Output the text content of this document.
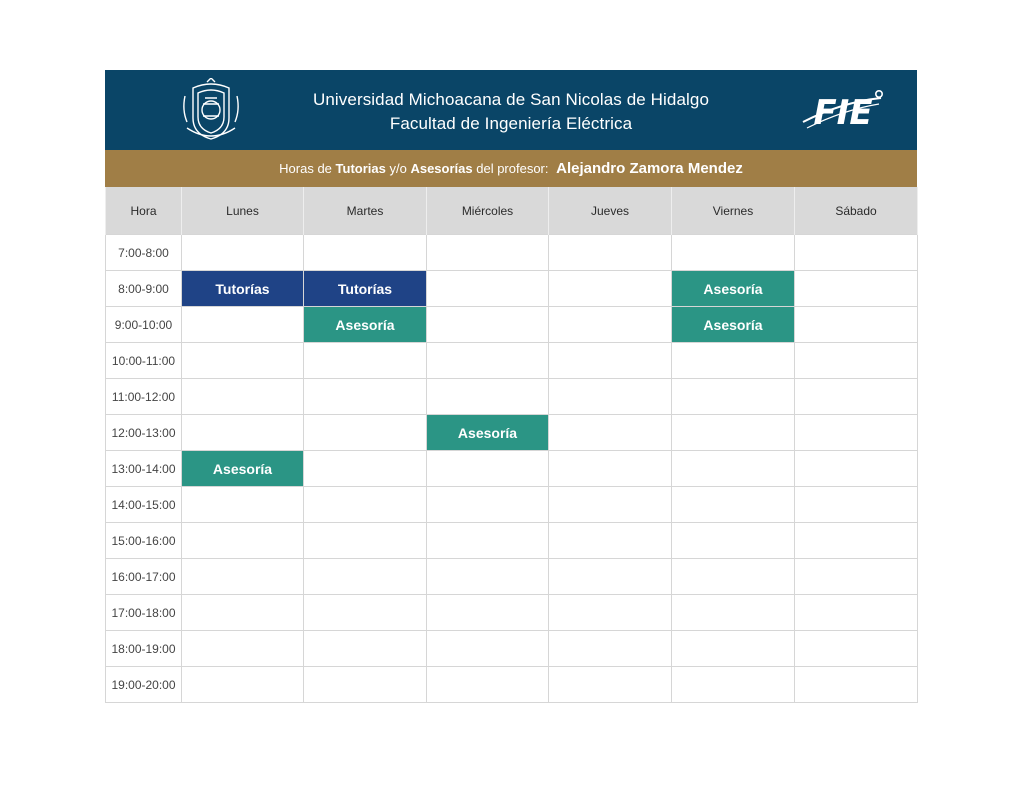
Universidad Michoacana de San Nicolas de Hidalgo
Facultad de Ingeniería Eléctrica	FIE
Horas de Tutorias y/o Asesorías del profesor: Alejandro Zamora Mendez
Hora	Lunes	Martes	Miércoles	Jueves	Viernes	Sábado
7:00-8:00						
8:00-9:00	Tutorías	Tutorías			Asesoría	
9:00-10:00		Asesoría			Asesoría	
10:00-11:00						
11:00-12:00						
12:00-13:00			Asesoría			
13:00-14:00	Asesoría					
14:00-15:00						
15:00-16:00						
16:00-17:00						
17:00-18:00						
18:00-19:00						
19:00-20:00						
